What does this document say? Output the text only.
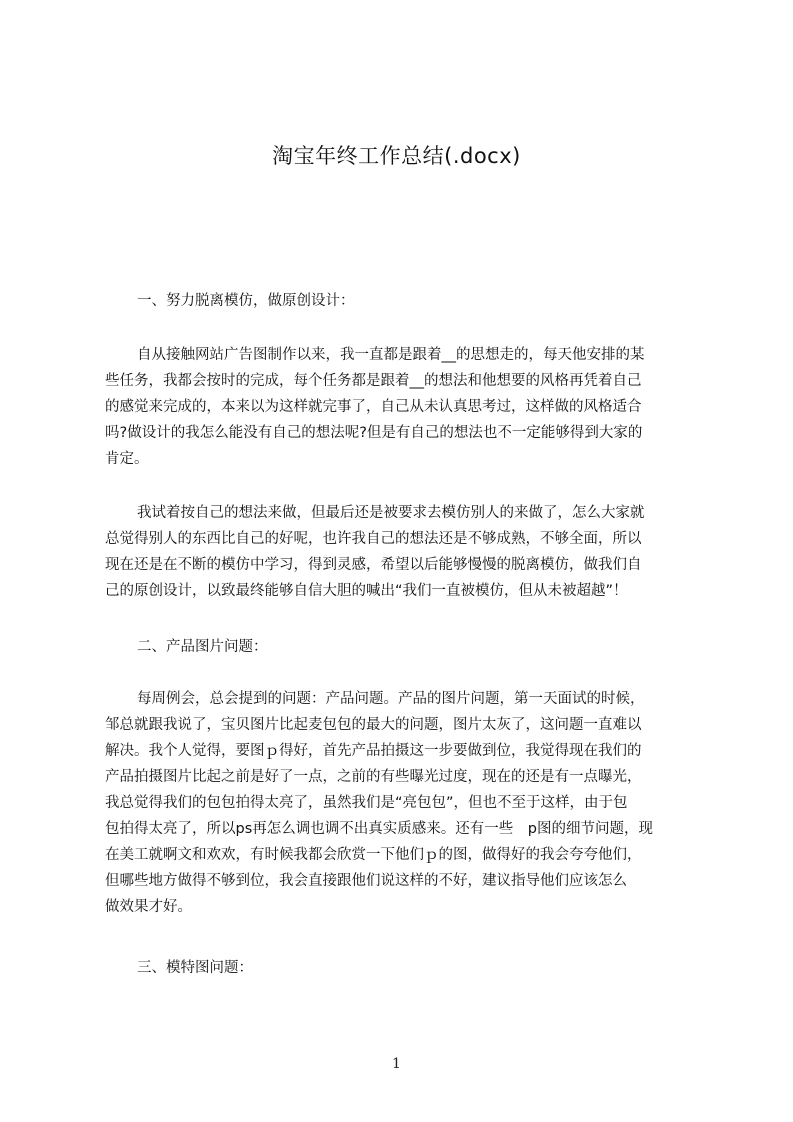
淘宝年终工作总结(.docx)
一、努力脱离模仿，做原创设计：
自从接触网站广告图制作以来，我一直都是跟着__的思想走的，每天他安排的某
些任务，我都会按时的完成，每个任务都是跟着__的想法和他想要的风格再凭着自己
的感觉来完成的，本来以为这样就完事了，自己从未认真思考过，这样做的风格适合
吗?做设计的我怎么能没有自己的想法呢?但是有自己的想法也不一定能够得到大家的
肯定。
我试着按自己的想法来做，但最后还是被要求去模仿别人的来做了，怎么大家就
总觉得别人的东西比自己的好呢，也许我自己的想法还是不够成熟，不够全面，所以
现在还是在不断的模仿中学习，得到灵感，希望以后能够慢慢的脱离模仿，做我们自
己的原创设计，以致最终能够自信大胆的喊出“我们一直被模仿，但从未被超越”！
二、产品图片问题：
每周例会，总会提到的问题：产品问题。产品的图片问题，第一天面试的时候，
邹总就跟我说了，宝贝图片比起麦包包的最大的问题，图片太灰了，这问题一直难以
解决。我个人觉得，要图ｐ得好，首先产品拍摄这一步要做到位，我觉得现在我们的
产品拍摄图片比起之前是好了一点，之前的有些曝光过度，现在的还是有一点曝光，
我总觉得我们的包包拍得太亮了，虽然我们是“亮包包”，但也不至于这样，由于包
包拍得太亮了，所以ps再怎么调也调不出真实质感来。还有一些　p图的细节问题，现
在美工就啊文和欢欢，有时候我都会欣赏一下他们ｐ的图，做得好的我会夸夸他们，
但哪些地方做得不够到位，我会直接跟他们说这样的不好，建议指导他们应该怎么
做效果才好。
三、模特图问题：
1
